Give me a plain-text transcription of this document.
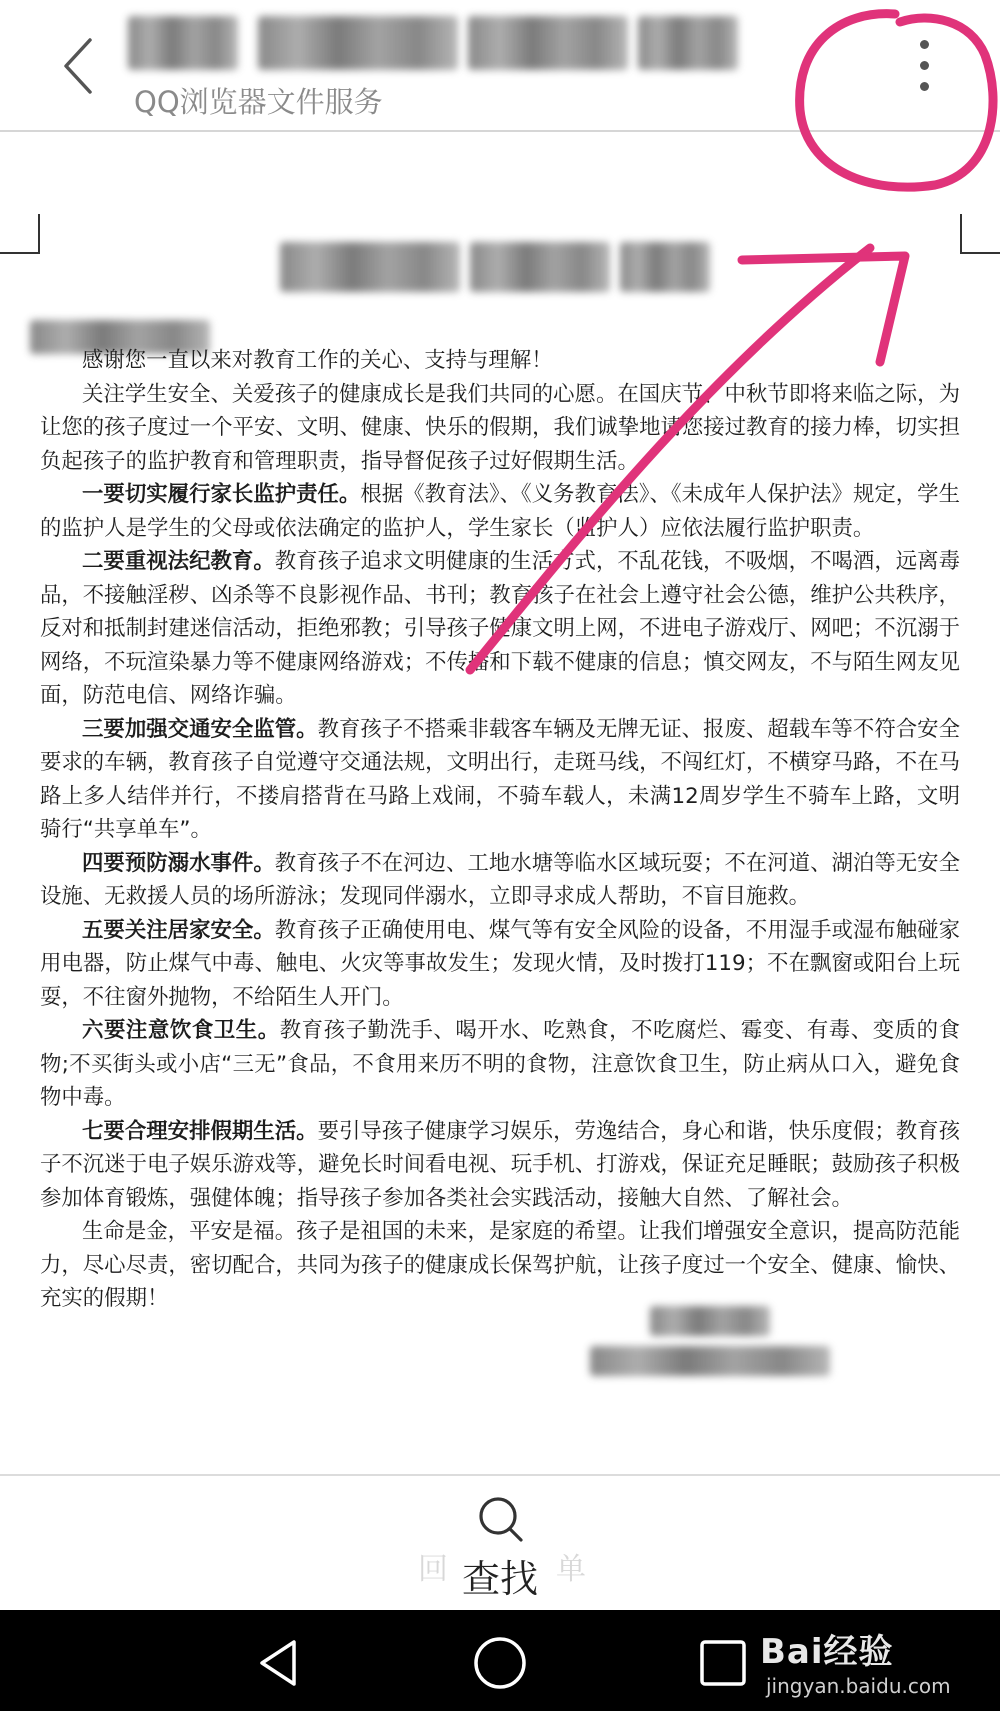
QQ浏览器文件服务

感谢您一直以来对教育工作的关心、支持与理解！

关注学生安全、关爱孩子的健康成长是我们共同的心愿。在国庆节、中秋节即将来临之际，为让您的孩子度过一个平安、文明、健康、快乐的假期，我们诚挚地请您接过教育的接力棒，切实担负起孩子的监护教育和管理职责，指导督促孩子过好假期生活。

一要切实履行家长监护责任。根据《教育法》、《义务教育法》、《未成年人保护法》规定，学生的监护人是学生的父母或依法确定的监护人，学生家长（监护人）应依法履行监护职责。

二要重视法纪教育。教育孩子追求文明健康的生活方式，不乱花钱，不吸烟，不喝酒，远离毒品，不接触淫秽、凶杀等不良影视作品、书刊；教育孩子在社会上遵守社会公德，维护公共秩序，反对和抵制封建迷信活动，拒绝邪教；引导孩子健康文明上网，不进电子游戏厅、网吧；不沉溺于网络，不玩渲染暴力等不健康网络游戏；不传播和下载不健康的信息；慎交网友，不与陌生网友见面，防范电信、网络诈骗。

三要加强交通安全监管。教育孩子不搭乘非载客车辆及无牌无证、报废、超载车等不符合安全要求的车辆，教育孩子自觉遵守交通法规，文明出行，走斑马线，不闯红灯，不横穿马路，不在马路上多人结伴并行，不搂肩搭背在马路上戏闹，不骑车载人，未满12周岁学生不骑车上路，文明骑行“共享单车”。

四要预防溺水事件。教育孩子不在河边、工地水塘等临水区域玩耍；不在河道、湖泊等无安全设施、无救援人员的场所游泳；发现同伴溺水，立即寻求成人帮助，不盲目施救。

五要关注居家安全。教育孩子正确使用电、煤气等有安全风险的设备，不用湿手或湿布触碰家用电器，防止煤气中毒、触电、火灾等事故发生；发现火情，及时拨打119；不在飘窗或阳台上玩耍，不往窗外抛物，不给陌生人开门。

六要注意饮食卫生。教育孩子勤洗手、喝开水、吃熟食，不吃腐烂、霉变、有毒、变质的食物;不买街头或小店“三无”食品，不食用来历不明的食物，注意饮食卫生，防止病从口入，避免食物中毒。

七要合理安排假期生活。要引导孩子健康学习娱乐，劳逸结合，身心和谐，快乐度假；教育孩子不沉迷于电子娱乐游戏等，避免长时间看电视、玩手机、打游戏，保证充足睡眠；鼓励孩子积极参加体育锻炼，强健体魄；指导孩子参加各类社会实践活动，接触大自然、了解社会。

生命是金，平安是福。孩子是祖国的未来，是家庭的希望。让我们增强安全意识，提高防范能力，尽心尽责，密切配合，共同为孩子的健康成长保驾护航，让孩子度过一个安全、健康、愉快、充实的假期！

回	单
查找
Bai经验
jingyan.baidu.com
